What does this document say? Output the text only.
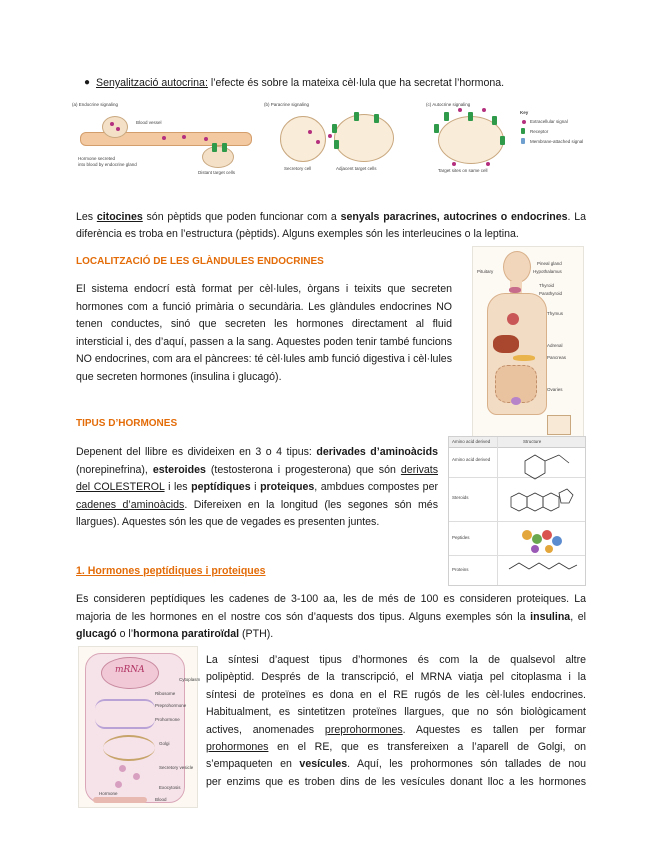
● Senyalització autocrina: l’efecte és sobre la mateixa cèl·lula que ha secretat l’hormona.
(a) Endocrine signaling
Blood vessel
Hormone secreted
into blood by endocrine gland
Distant target cells
(b) Paracrine signaling
Secretory cell	Adjacent target cells
(c) Autocrine signaling
Target sites on same cell
Key
Extracellular signal
Receptor
Membrane-attached signal
Les citocines són pèptids que poden funcionar com a senyals paracrines, autocrines o endocrines. La
diferència es troba en l’estructura (pèptids). Alguns exemples són les interleucines o la leptina.
LOCALITZACIÓ DE LES GLÀNDULES ENDOCRINES
El sistema endocrí està format per cèl·lules, òrgans i teixits que secreten
hormones com a funció primària o secundària. Les glàndules endocrines NO
tenen conductes, sinó que secreten les hormones directament al fluid
intersticial i, des d’aquí, passen a la sang. Aquestes poden tenir també funcions
NO endocrines, com ara el pàncrees: té cèl·lules amb funció digestiva i cèl·lules
que secreten hormones (insulina i glucagó).
Pineal gland
Hypothalamus
Pituitary
Thyroid
Parathyroid
Thymus
Adrenal
Pancreas
Ovaries
TIPUS D’HORMONES
Depenent del llibre es divideixen en 3 o 4 tipus: derivades d’aminoàcids
(norepinefrina), esteroides (testosterona i progesterona) que són derivats
del COLESTEROL i les peptídiques i proteiques, ambdues compostes per
cadenes d’aminoàcids. Difereixen en la longitud (les segones són més
llargues). Aquestes són les que de vegades es presenten juntes.
Amino acid derived	Structure
Amino acid derived
Steroids
Peptides
Proteins
1. Hormones peptídiques i proteiques
Es consideren peptídiques les cadenes de 3-100 aa, les de més de 100 es consideren proteiques. La
majoria de les hormones en el nostre cos són d’aquests dos tipus. Alguns exemples són la insulina, el
glucagó o l’hormona paratiroïdal (PTH).
mRNA
Cytoplasm
Ribosome
Preprohormone
Prohormone
Golgi
Secretory vesicle
Exocytosis
Hormone
Blood
La síntesi d’aquest tipus d’hormones és com la de qualsevol altre
polipèptid. Després de la transcripció, el MRNA viatja pel citoplasma i la
síntesi de proteïnes es dona en el RE rugós de les cèl·lules endocrines.
Habitualment, es sintetitzen proteïnes llargues, que no són biològicament
actives, anomenades preprohormones. Aquestes es tallen per formar
prohormones en el RE, que es transfereixen a l’aparell de Golgi, on
s’empaqueten en vesícules. Aquí, les prohormones són tallades de nou
per enzims que es troben dins de les vesícules donant lloc a les hormones
